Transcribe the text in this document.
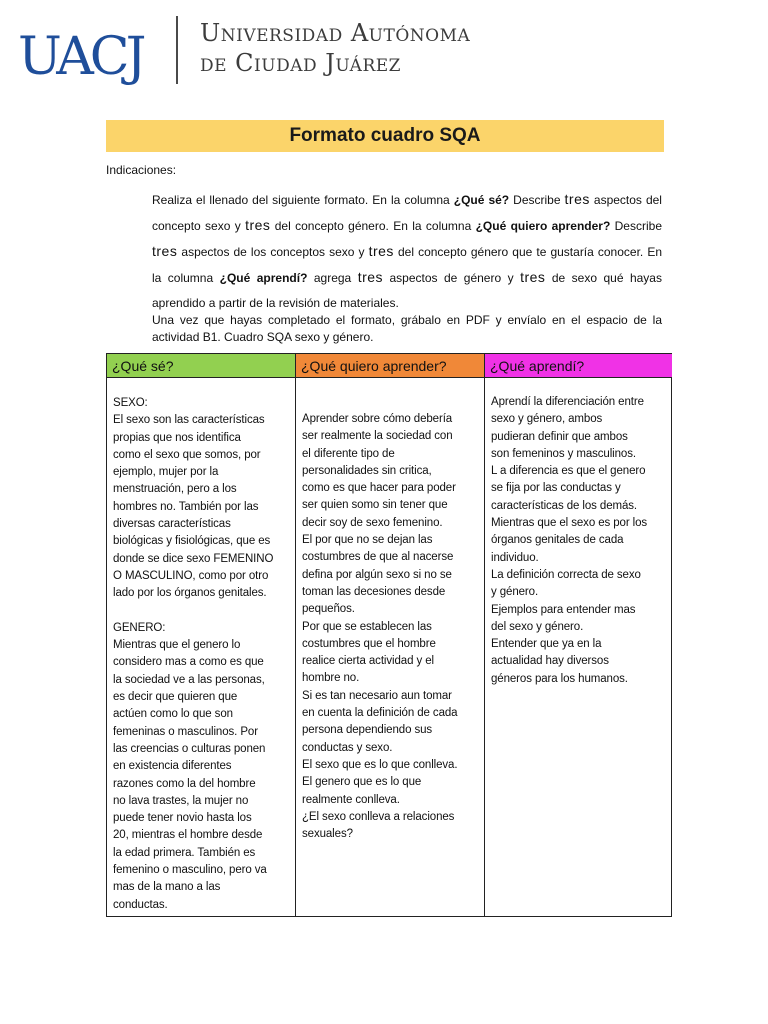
UACJ Universidad Autónoma
de Ciudad Juárez
Formato cuadro SQA
Indicaciones:
Realiza el llenado del siguiente formato. En la columna ¿Qué sé? Describe tres aspectos del concepto sexo y tres del concepto género. En la columna ¿Qué quiero aprender? Describe tres aspectos de los conceptos sexo y tres del concepto género que te gustaría conocer. En la columna ¿Qué aprendí? agrega tres aspectos de género y tres de sexo qué hayas aprendido a partir de la revisión de materiales.
Una vez que hayas completado el formato, grábalo en PDF y envíalo en el espacio de la actividad B1. Cuadro SQA sexo y género.
¿Qué sé?
SEXO:
El sexo son las características
propias que nos identifica
como el sexo que somos, por
ejemplo, mujer por la
menstruación, pero a los
hombres no. También por las
diversas características
biológicas y fisiológicas, que es
donde se dice sexo FEMENINO
O MASCULINO, como por otro
lado por los órganos genitales.

GENERO:
Mientras que el genero lo
considero mas a como es que
la sociedad ve a las personas,
es decir que quieren que
actúen como lo que son
femeninas o masculinos. Por
las creencias o culturas ponen
en existencia diferentes
razones como la del hombre
no lava trastes, la mujer no
puede tener novio hasta los
20, mientras el hombre desde
la edad primera. También es
femenino o masculino, pero va
mas de la mano a las
conductas.
¿Qué quiero aprender?
Aprender sobre cómo debería
ser realmente la sociedad con
el diferente tipo de
personalidades sin critica,
como es que hacer para poder
ser quien somo sin tener que
decir soy de sexo femenino.
El por que no se dejan las
costumbres de que al nacerse
defina por algún sexo si no se
toman las decesiones desde
pequeños.
Por que se establecen las
costumbres que el hombre
realice cierta actividad y el
hombre no.
Si es tan necesario aun tomar
en cuenta la definición de cada
persona dependiendo sus
conductas y sexo.
El sexo que es lo que conlleva.
El genero que es lo que
realmente conlleva.
¿El sexo conlleva a relaciones
sexuales?
¿Qué aprendí?
Aprendí la diferenciación entre
sexo y género, ambos
pudieran definir que ambos
son femeninos y masculinos.
L a diferencia es que el genero
se fija por las conductas y
características de los demás.
Mientras que el sexo es por los
órganos genitales de cada
individuo.
La definición correcta de sexo
y género.
Ejemplos para entender mas
del sexo y género.
Entender que ya en la
actualidad hay diversos
géneros para los humanos.
